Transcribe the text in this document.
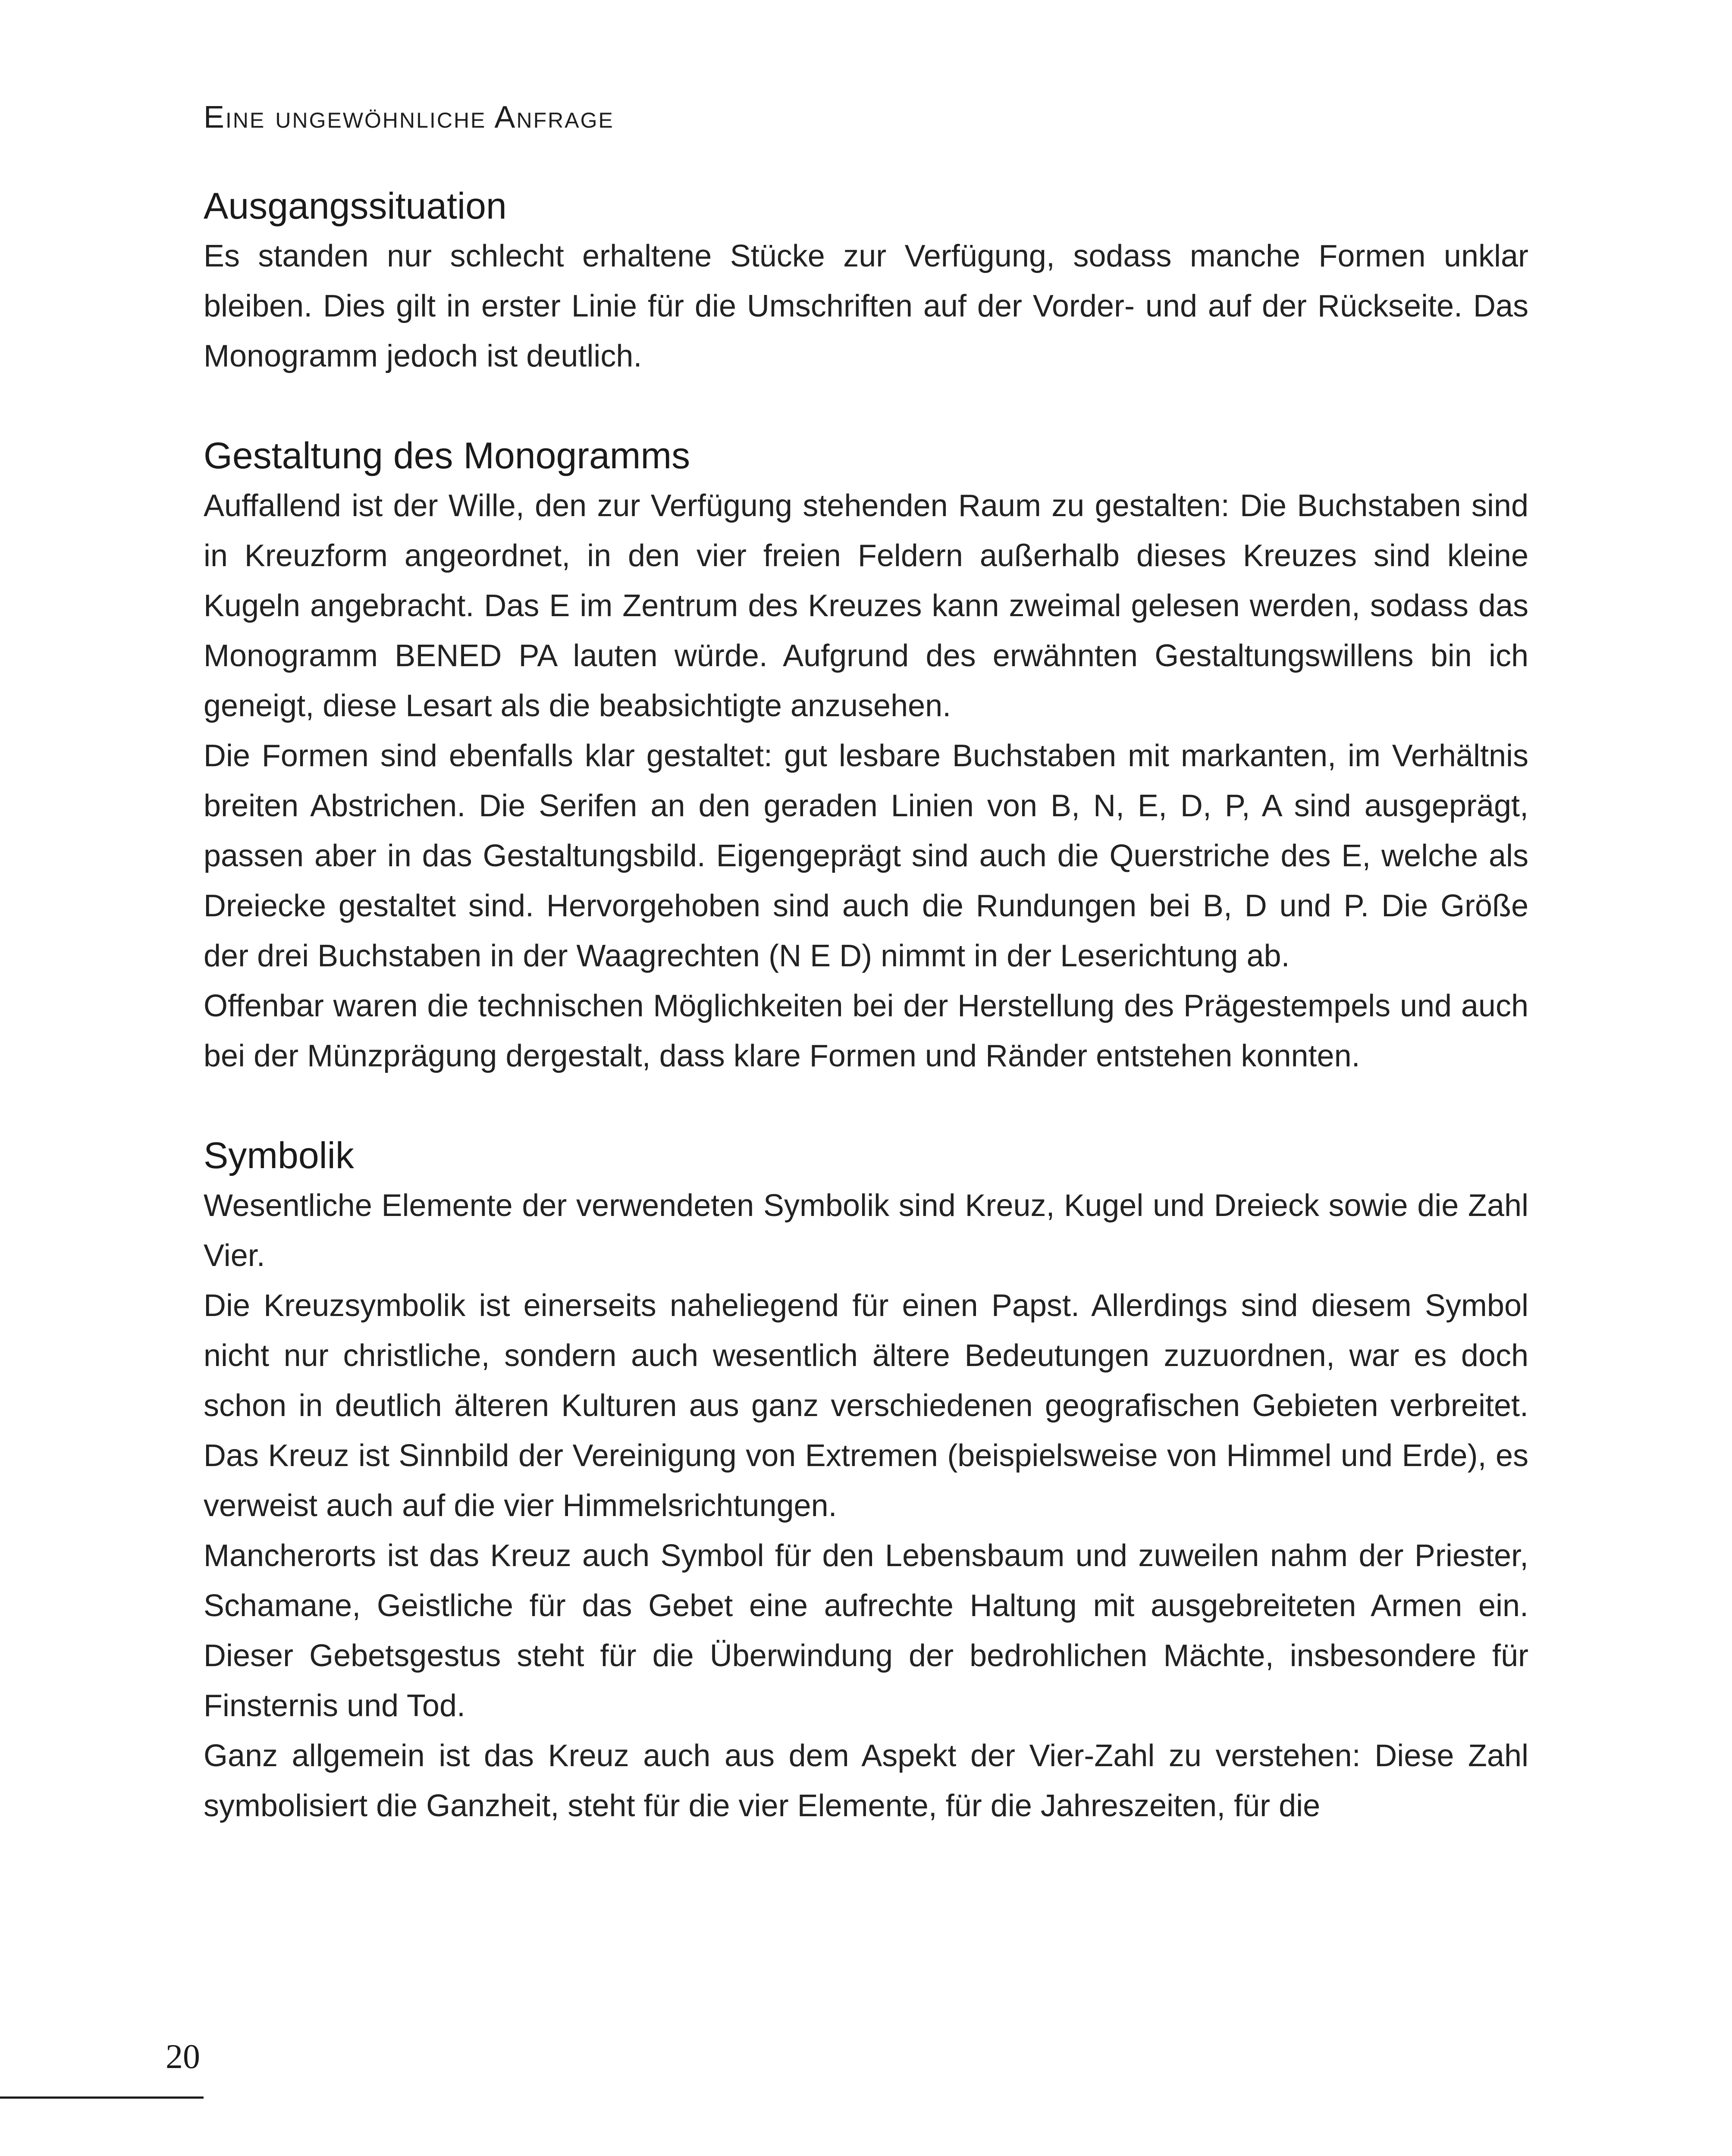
Eine ungewöhnliche Anfrage
Ausgangssituation

Es standen nur schlecht erhaltene Stücke zur Verfügung, sodass manche Formen unklar bleiben. Dies gilt in erster Linie für die Umschriften auf der Vorder- und auf der Rückseite. Das Monogramm jedoch ist deutlich.

Gestaltung des Monogramms

Auffallend ist der Wille, den zur Verfügung stehenden Raum zu gestalten: Die Buchstaben sind in Kreuzform angeordnet, in den vier freien Feldern außerhalb dieses Kreuzes sind kleine Kugeln angebracht. Das E im Zentrum des Kreuzes kann zweimal gelesen werden, sodass das Monogramm BENED PA lauten würde. Aufgrund des erwähnten Gestaltungswillens bin ich geneigt, diese Lesart als die beabsichtigte anzusehen.

Die Formen sind ebenfalls klar gestaltet: gut lesbare Buchstaben mit markanten, im Verhältnis breiten Abstrichen. Die Serifen an den geraden Linien von B, N, E, D, P, A sind ausgeprägt, passen aber in das Gestaltungsbild. Eigengeprägt sind auch die Querstriche des E, welche als Dreiecke gestaltet sind. Hervorgehoben sind auch die Rundungen bei B, D und P. Die Größe der drei Buchstaben in der Waagrechten (N E D) nimmt in der Leserichtung ab.

Offenbar waren die technischen Möglichkeiten bei der Herstellung des Prägestempels und auch bei der Münzprägung dergestalt, dass klare Formen und Ränder entstehen konnten.

Symbolik

Wesentliche Elemente der verwendeten Symbolik sind Kreuz, Kugel und Dreieck sowie die Zahl Vier.

Die Kreuzsymbolik ist einerseits naheliegend für einen Papst. Allerdings sind diesem Symbol nicht nur christliche, sondern auch wesentlich ältere Bedeutungen zuzuordnen, war es doch schon in deutlich älteren Kulturen aus ganz verschiedenen geografischen Gebieten verbreitet. Das Kreuz ist Sinnbild der Vereinigung von Extremen (beispielsweise von Himmel und Erde), es verweist auch auf die vier Himmelsrichtungen.

Mancherorts ist das Kreuz auch Symbol für den Lebensbaum und zuweilen nahm der Priester, Schamane, Geistliche für das Gebet eine aufrechte Haltung mit ausgebreiteten Armen ein. Dieser Gebetsgestus steht für die Überwindung der bedrohlichen Mächte, insbesondere für Finsternis und Tod.

Ganz allgemein ist das Kreuz auch aus dem Aspekt der Vier-Zahl zu verstehen: Diese Zahl symbolisiert die Ganzheit, steht für die vier Elemente, für die Jahreszeiten, für die

20
